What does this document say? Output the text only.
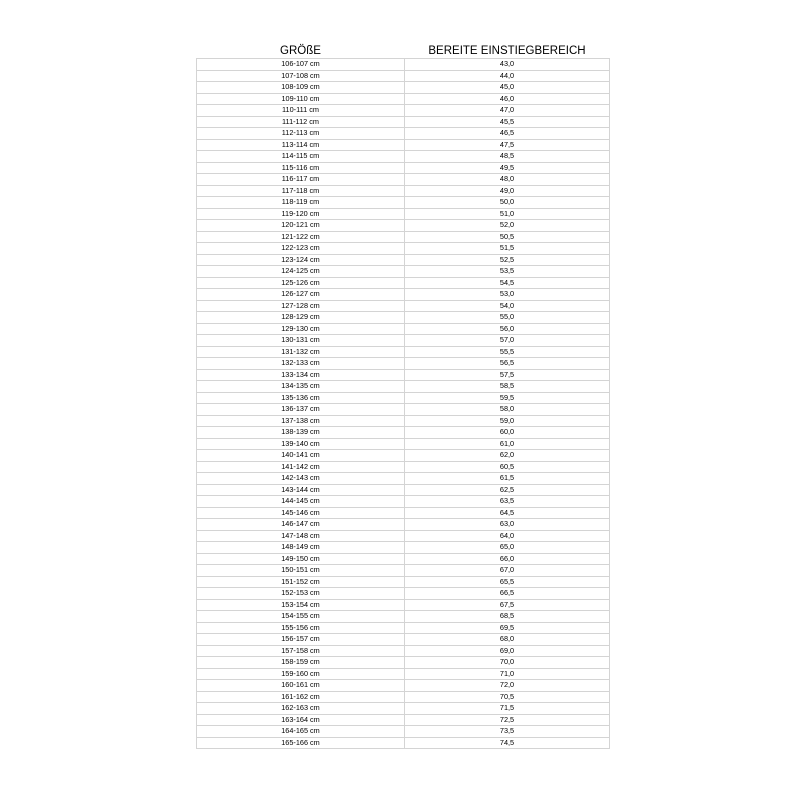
GRÖßE	BEREITE EINSTIEGBEREICH
106-107 cm	43,0
107-108 cm	44,0
108-109 cm	45,0
109-110 cm	46,0
110-111 cm	47,0
111-112 cm	45,5
112-113 cm	46,5
113-114 cm	47,5
114-115 cm	48,5
115-116 cm	49,5
116-117 cm	48,0
117-118 cm	49,0
118-119 cm	50,0
119-120 cm	51,0
120-121 cm	52,0
121-122 cm	50,5
122-123 cm	51,5
123-124 cm	52,5
124-125 cm	53,5
125-126 cm	54,5
126-127 cm	53,0
127-128 cm	54,0
128-129 cm	55,0
129-130 cm	56,0
130-131 cm	57,0
131-132 cm	55,5
132-133 cm	56,5
133-134 cm	57,5
134-135 cm	58,5
135-136 cm	59,5
136-137 cm	58,0
137-138 cm	59,0
138-139 cm	60,0
139-140 cm	61,0
140-141 cm	62,0
141-142 cm	60,5
142-143 cm	61,5
143-144 cm	62,5
144-145 cm	63,5
145-146 cm	64,5
146-147 cm	63,0
147-148 cm	64,0
148-149 cm	65,0
149-150 cm	66,0
150-151 cm	67,0
151-152 cm	65,5
152-153 cm	66,5
153-154 cm	67,5
154-155 cm	68,5
155-156 cm	69,5
156-157 cm	68,0
157-158 cm	69,0
158-159 cm	70,0
159-160 cm	71,0
160-161 cm	72,0
161-162 cm	70,5
162-163 cm	71,5
163-164 cm	72,5
164-165 cm	73,5
165-166 cm	74,5
